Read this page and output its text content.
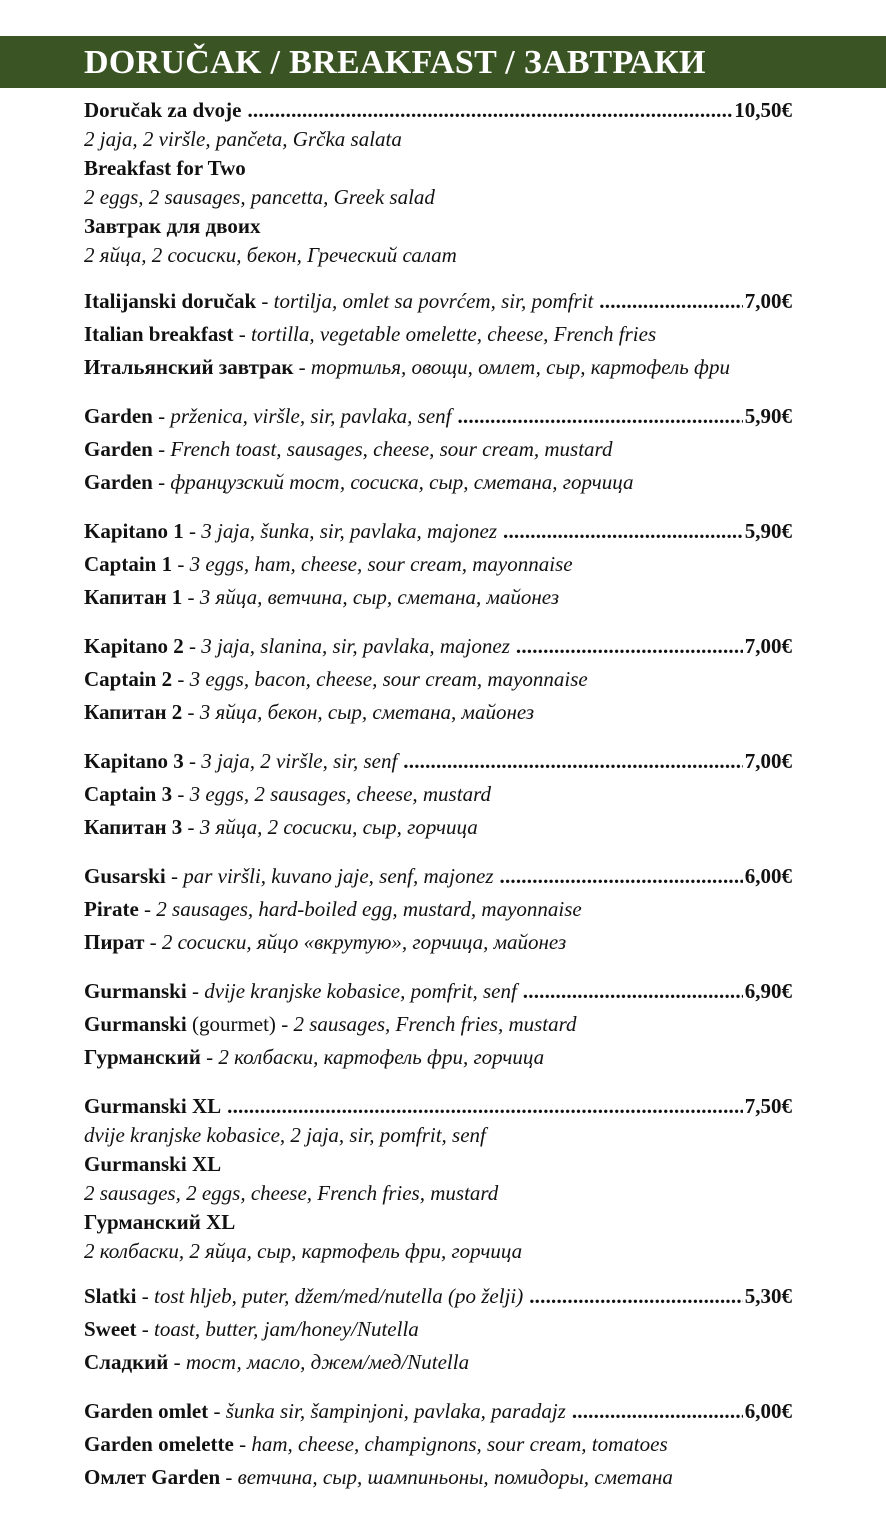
DORUČAK / BREAKFAST / ЗАВТРАКИ
Doručak za dvoje .....	10,50€
2 jaja, 2 viršle, pančeta, Grčka salata
Breakfast for Two
2 eggs, 2 sausages, pancetta, Greek salad
Завтрак для двоих
2 яйца, 2 сосиски, бекон, Греческий салат
Italijanski doručak - tortilja, omlet sa povrćem, sir, pomfrit .....	7,00€
Italian breakfast - tortilla, vegetable omelette, cheese, French fries
Итальянский завтрак - тортилья, овощи, омлет, сыр, картофель фри
Garden - prženica, viršle, sir, pavlaka, senf .....	5,90€
Garden - French toast, sausages, cheese, sour cream, mustard
Garden - французский тост, сосиска, сыр, сметана, горчица
Kapitano 1 - 3 jaja, šunka, sir, pavlaka, majonez .....	5,90€
Captain 1 - 3 eggs, ham, cheese, sour cream, mayonnaise
Капитан 1 - 3 яйца, ветчина, сыр, сметана, майонез
Kapitano 2 - 3 jaja, slanina, sir, pavlaka, majonez .....	7,00€
Captain 2 - 3 eggs, bacon, cheese, sour cream, mayonnaise
Капитан 2 - 3 яйца, бекон, сыр, сметана, майонез
Kapitano 3 - 3 jaja, 2 viršle, sir, senf .....	7,00€
Captain 3 - 3 eggs, 2 sausages, cheese, mustard
Капитан 3 - 3 яйца, 2 сосиски, сыр, горчица
Gusarski - par viršli, kuvano jaje, senf, majonez .....	6,00€
Pirate - 2 sausages, hard-boiled egg, mustard, mayonnaise
Пират - 2 сосиски, яйцо «вкрутую», горчица, майонез
Gurmanski - dvije kranjske kobasice, pomfrit, senf .....	6,90€
Gurmanski (gourmet) - 2 sausages, French fries, mustard
Гурманский - 2 колбаски, картофель фри, горчица
Gurmanski XL .....	7,50€
dvije kranjske kobasice, 2 jaja, sir, pomfrit, senf
Gurmanski XL
2 sausages, 2 eggs, cheese, French fries, mustard
Гурманский XL
2 колбаски, 2 яйца, сыр, картофель фри, горчица
Slatki - tost hljeb, puter, džem/med/nutella (po želji) .....	5,30€
Sweet - toast, butter, jam/honey/Nutella
Сладкий - тост, масло, джем/мед/Nutella
Garden omlet - šunka sir, šampinjoni, pavlaka, paradajz .....	6,00€
Garden omelette - ham, cheese, champignons, sour cream, tomatoes
Омлет Garden - ветчина, сыр, шампиньоны, помидоры, сметана
